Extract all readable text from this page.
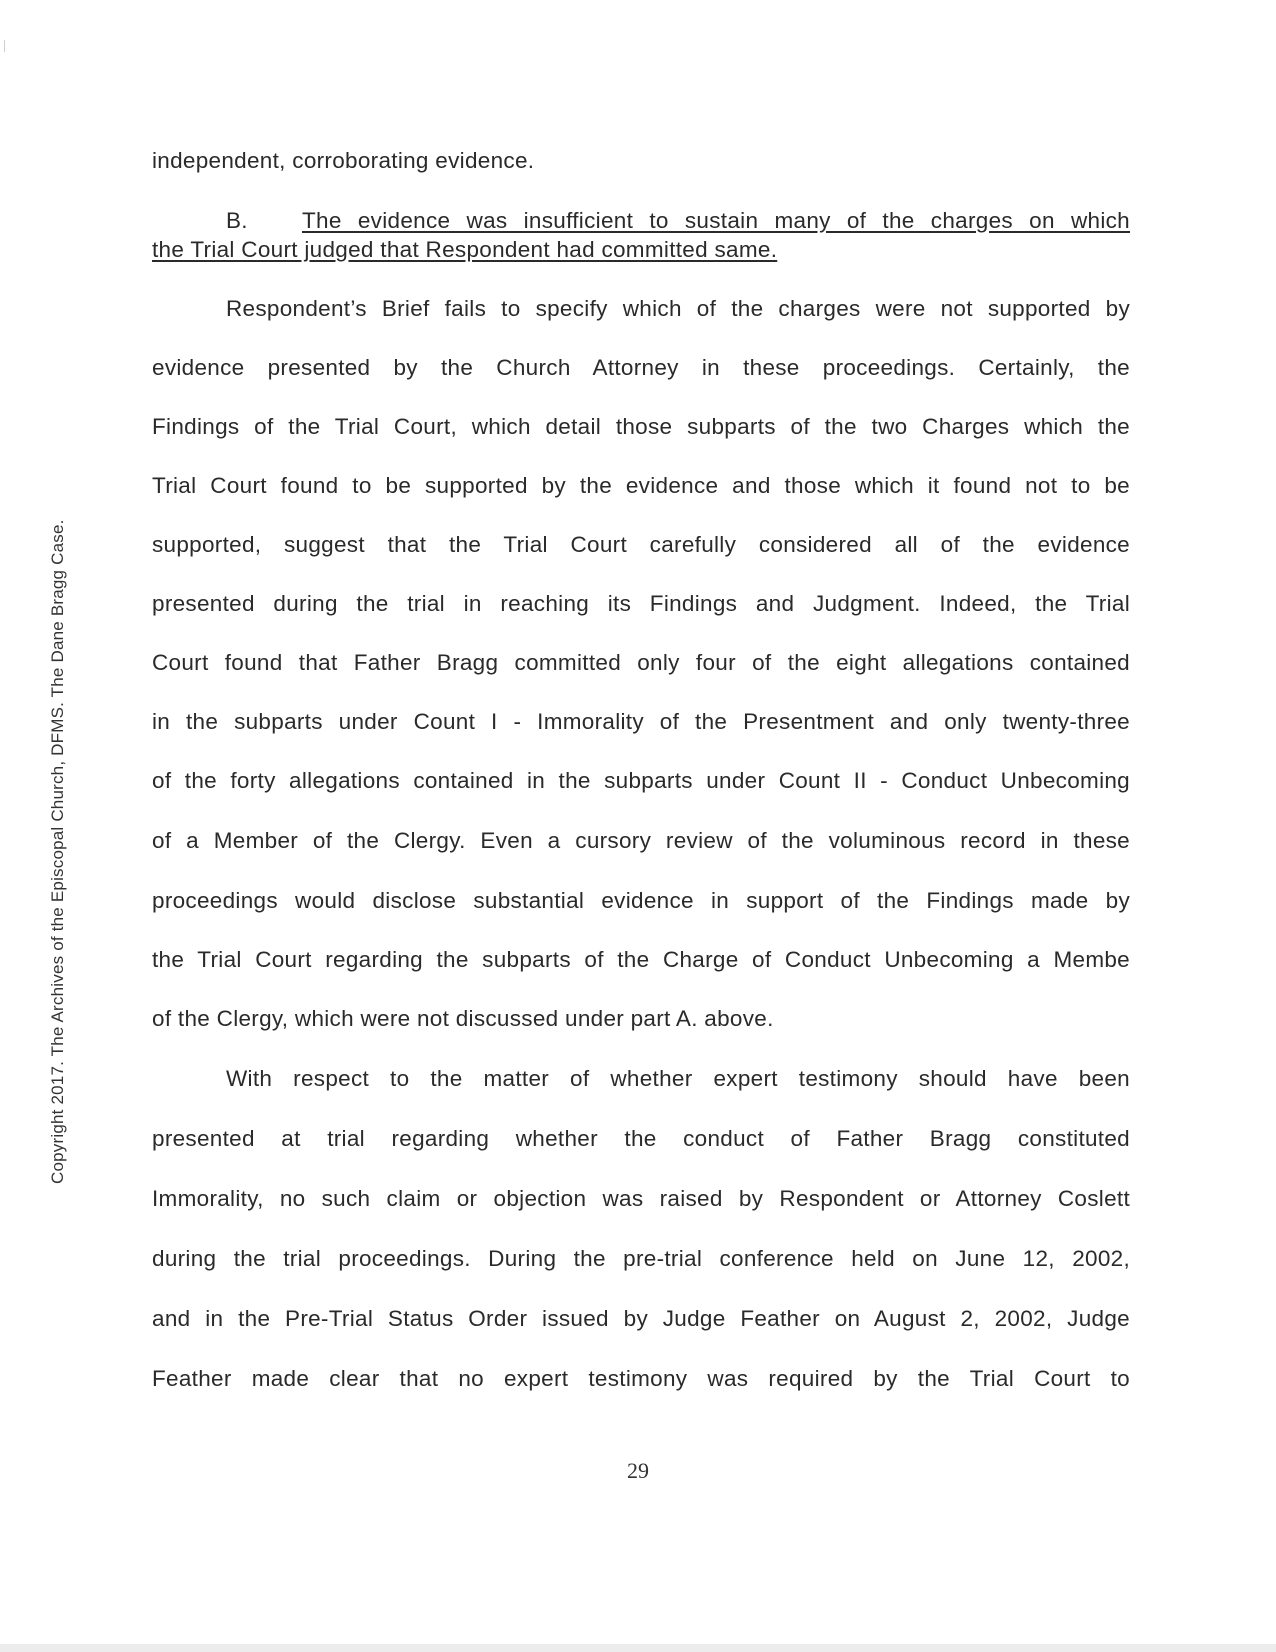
Copyright 2017. The Archives of the Episcopal Church, DFMS. The Dane Bragg Case.
independent, corroborating evidence.
B. The evidence was insufficient to sustain many of the charges on which
the Trial Court judged that Respondent had committed same.
Respondent’s Brief fails to specify which of the charges were not supported by
evidence presented by the Church Attorney in these proceedings. Certainly, the
Findings of the Trial Court, which detail those subparts of the two Charges which the
Trial Court found to be supported by the evidence and those which it found not to be
supported, suggest that the Trial Court carefully considered all of the evidence
presented during the trial in reaching its Findings and Judgment. Indeed, the Trial
Court found that Father Bragg committed only four of the eight allegations contained
in the subparts under Count I - Immorality of the Presentment and only twenty-three
of the forty allegations contained in the subparts under Count II - Conduct Unbecoming
of a Member of the Clergy. Even a cursory review of the voluminous record in these
proceedings would disclose substantial evidence in support of the Findings made by
the Trial Court regarding the subparts of the Charge of Conduct Unbecoming a Membe
of the Clergy, which were not discussed under part A. above.
With respect to the matter of whether expert testimony should have been
presented at trial regarding whether the conduct of Father Bragg constituted
Immorality, no such claim or objection was raised by Respondent or Attorney Coslett
during the trial proceedings. During the pre-trial conference held on June 12, 2002,
and in the Pre-Trial Status Order issued by Judge Feather on August 2, 2002, Judge
Feather made clear that no expert testimony was required by the Trial Court to
29
